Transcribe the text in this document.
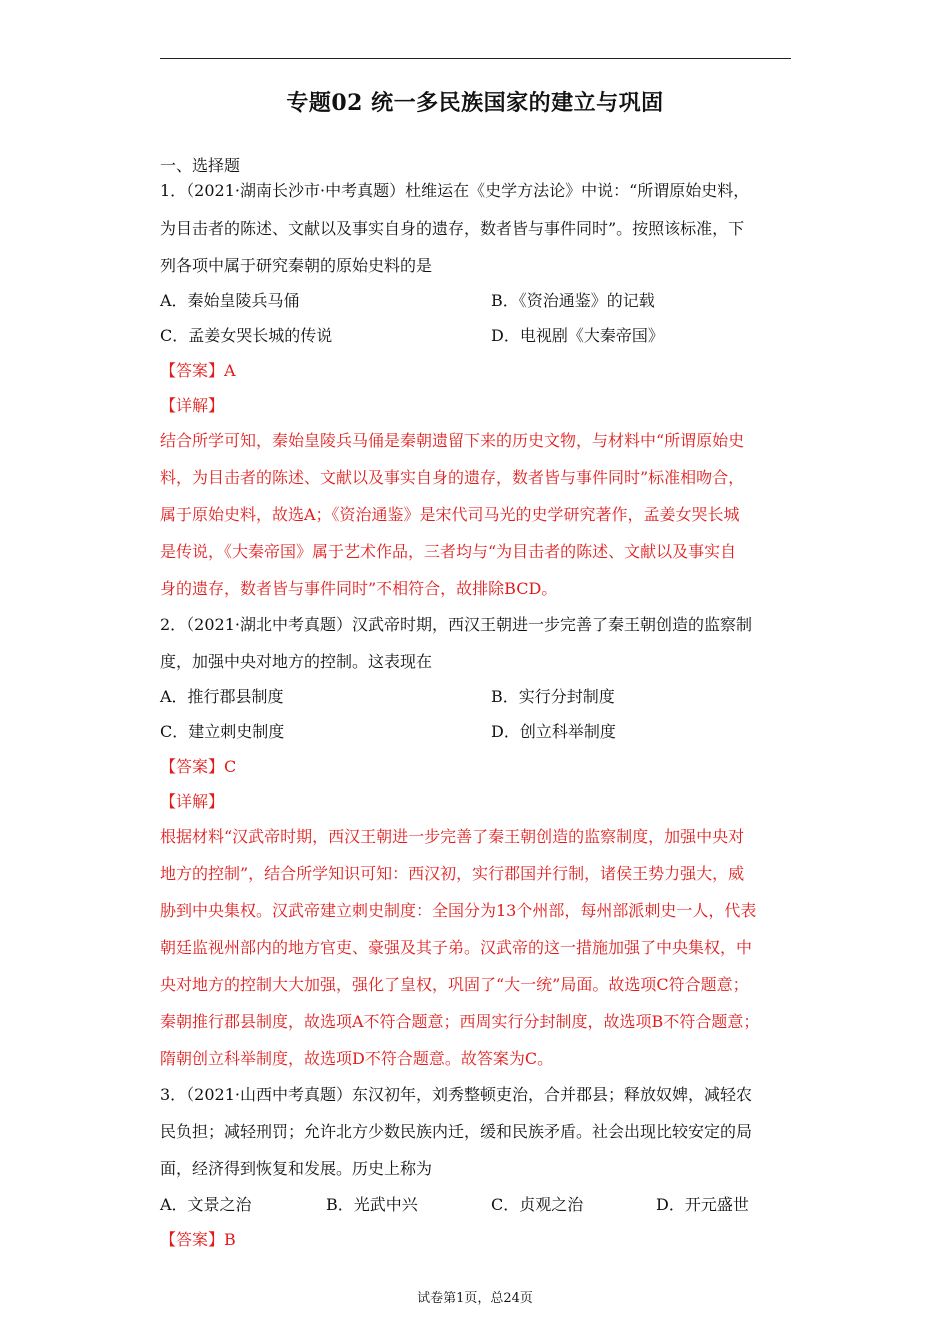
专题02 统一多民族国家的建立与巩固
一、选择题
1．（2021·湖南长沙市·中考真题）杜维运在《史学方法论》中说：“所谓原始史料，
为目击者的陈述、文献以及事实自身的遗存，数者皆与事件同时”。按照该标准，下
列各项中属于研究秦朝的原始史料的是
A．秦始皇陵兵马俑	B．《资治通鉴》的记载
C．孟姜女哭长城的传说	D．电视剧《大秦帝国》
【答案】A
【详解】
结合所学可知，秦始皇陵兵马俑是秦朝遗留下来的历史文物，与材料中“所谓原始史
料，为目击者的陈述、文献以及事实自身的遗存，数者皆与事件同时”标准相吻合，
属于原始史料，故选A；《资治通鉴》是宋代司马光的史学研究著作，孟姜女哭长城
是传说，《大秦帝国》属于艺术作品，三者均与“为目击者的陈述、文献以及事实自
身的遗存，数者皆与事件同时”不相符合，故排除BCD。
2．（2021·湖北中考真题）汉武帝时期，西汉王朝进一步完善了秦王朝创造的监察制
度，加强中央对地方的控制。这表现在
A．推行郡县制度	B．实行分封制度
C．建立刺史制度	D．创立科举制度
【答案】C
【详解】
根据材料“汉武帝时期，西汉王朝进一步完善了秦王朝创造的监察制度，加强中央对
地方的控制”，结合所学知识可知：西汉初，实行郡国并行制，诸侯王势力强大，威
胁到中央集权。汉武帝建立刺史制度：全国分为13个州部，每州部派刺史一人，代表
朝廷监视州部内的地方官吏、豪强及其子弟。汉武帝的这一措施加强了中央集权，中
央对地方的控制大大加强，强化了皇权，巩固了“大一统”局面。故选项C符合题意；
秦朝推行郡县制度，故选项A不符合题意；西周实行分封制度，故选项B不符合题意；
隋朝创立科举制度，故选项D不符合题意。故答案为C。
3．（2021·山西中考真题）东汉初年，刘秀整顿吏治，合并郡县；释放奴婢，减轻农
民负担；减轻刑罚；允许北方少数民族内迁，缓和民族矛盾。社会出现比较安定的局
面，经济得到恢复和发展。历史上称为
A．文景之治	B．光武中兴	C．贞观之治	D．开元盛世
【答案】B
试卷第1页，总24页
